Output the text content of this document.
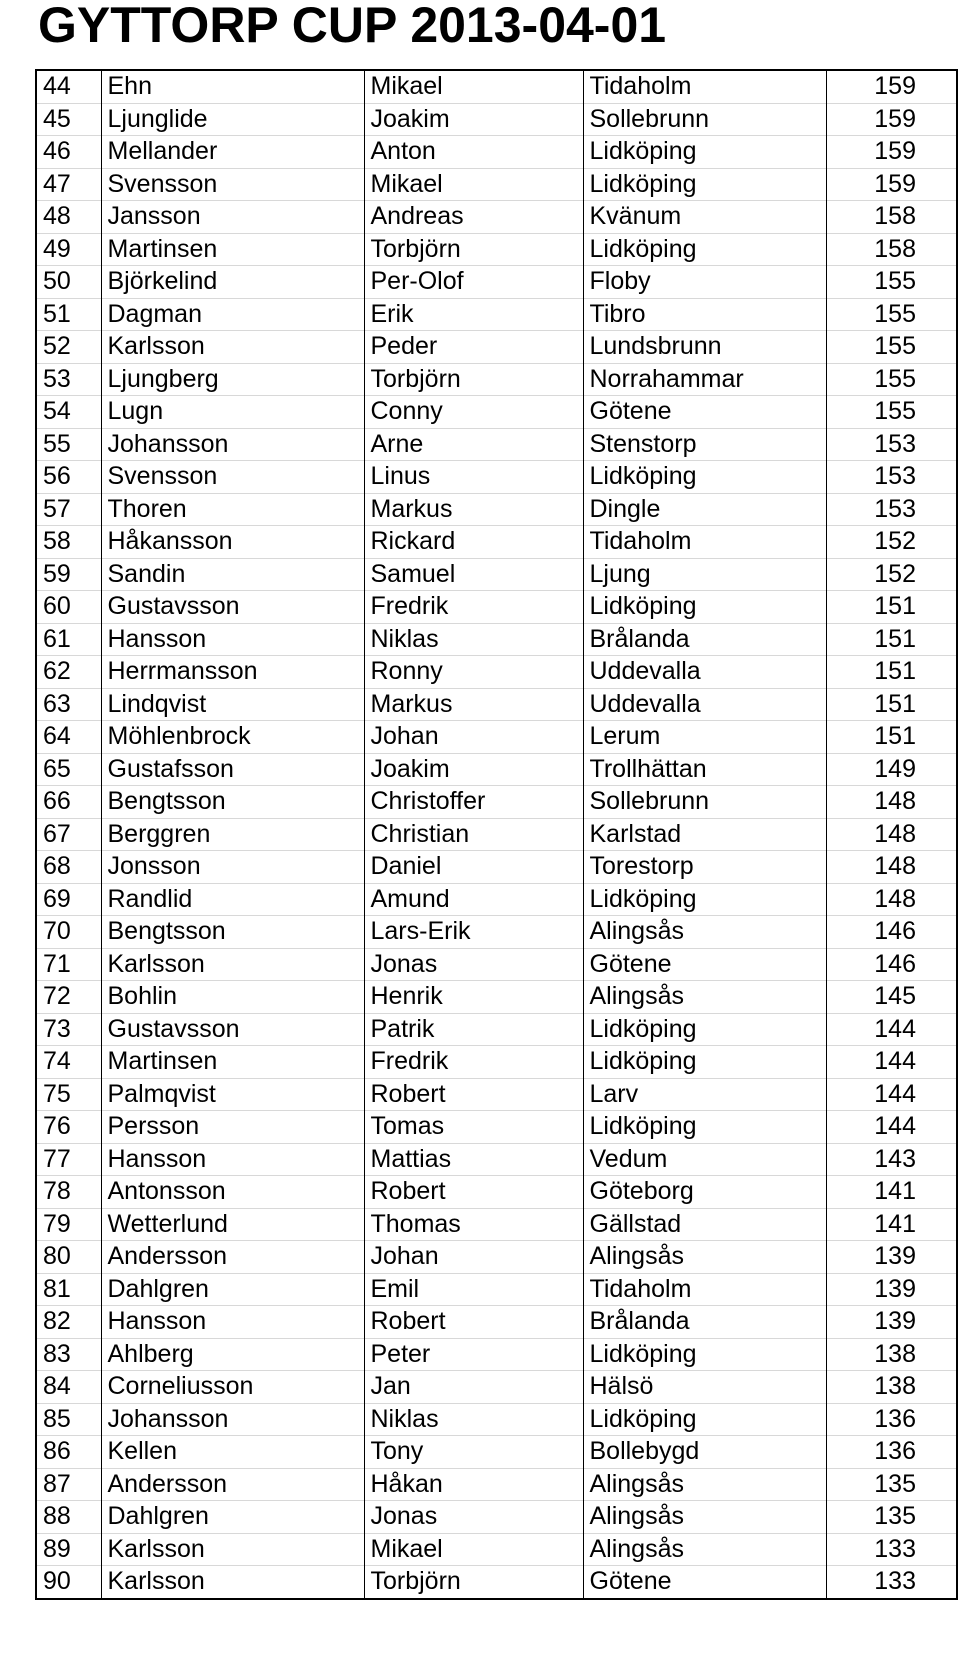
GYTTORP CUP 2013-04-01
44	Ehn	Mikael	Tidaholm	159
45	Ljunglide	Joakim	Sollebrunn	159
46	Mellander	Anton	Lidköping	159
47	Svensson	Mikael	Lidköping	159
48	Jansson	Andreas	Kvänum	158
49	Martinsen	Torbjörn	Lidköping	158
50	Björkelind	Per-Olof	Floby	155
51	Dagman	Erik	Tibro	155
52	Karlsson	Peder	Lundsbrunn	155
53	Ljungberg	Torbjörn	Norrahammar	155
54	Lugn	Conny	Götene	155
55	Johansson	Arne	Stenstorp	153
56	Svensson	Linus	Lidköping	153
57	Thoren	Markus	Dingle	153
58	Håkansson	Rickard	Tidaholm	152
59	Sandin	Samuel	Ljung	152
60	Gustavsson	Fredrik	Lidköping	151
61	Hansson	Niklas	Brålanda	151
62	Herrmansson	Ronny	Uddevalla	151
63	Lindqvist	Markus	Uddevalla	151
64	Möhlenbrock	Johan	Lerum	151
65	Gustafsson	Joakim	Trollhättan	149
66	Bengtsson	Christoffer	Sollebrunn	148
67	Berggren	Christian	Karlstad	148
68	Jonsson	Daniel	Torestorp	148
69	Randlid	Amund	Lidköping	148
70	Bengtsson	Lars-Erik	Alingsås	146
71	Karlsson	Jonas	Götene	146
72	Bohlin	Henrik	Alingsås	145
73	Gustavsson	Patrik	Lidköping	144
74	Martinsen	Fredrik	Lidköping	144
75	Palmqvist	Robert	Larv	144
76	Persson	Tomas	Lidköping	144
77	Hansson	Mattias	Vedum	143
78	Antonsson	Robert	Göteborg	141
79	Wetterlund	Thomas	Gällstad	141
80	Andersson	Johan	Alingsås	139
81	Dahlgren	Emil	Tidaholm	139
82	Hansson	Robert	Brålanda	139
83	Ahlberg	Peter	Lidköping	138
84	Corneliusson	Jan	Hälsö	138
85	Johansson	Niklas	Lidköping	136
86	Kellen	Tony	Bollebygd	136
87	Andersson	Håkan	Alingsås	135
88	Dahlgren	Jonas	Alingsås	135
89	Karlsson	Mikael	Alingsås	133
90	Karlsson	Torbjörn	Götene	133
